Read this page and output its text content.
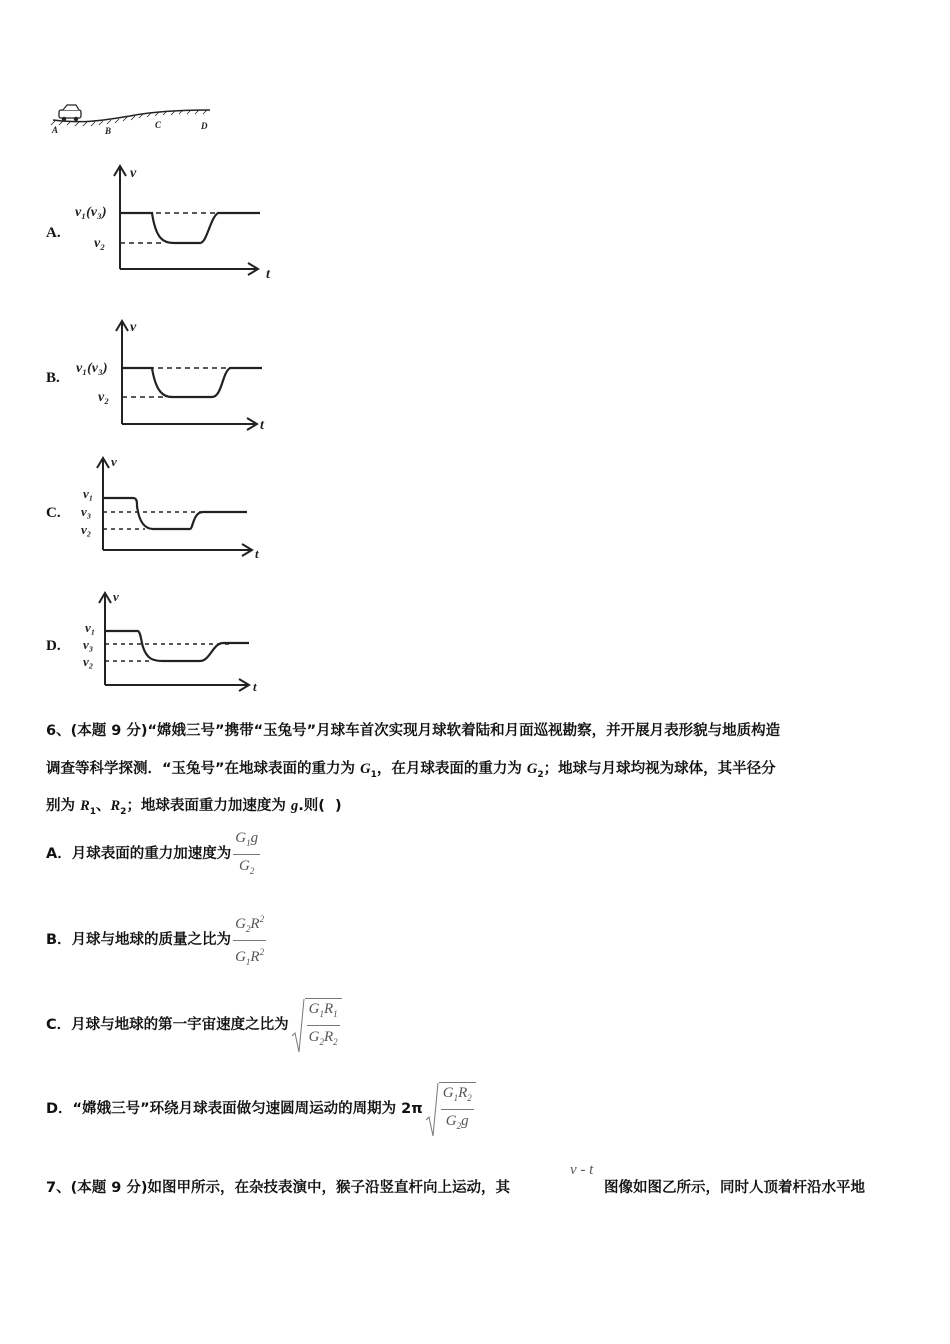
A	B
C	D
A.
v
v₁(v₃)
v₂
t
B.
v
v₁(v₃)
v₂
t
C.
v
v₁
v₃
v₂
t
D.
v
v₁
v₃
v₂
t
6、(本题 9 分)“嫦娥三号”携带“玉兔号”月球车首次实现月球软着陆和月面巡视勘察，并开展月表形貌与地质构造
调查等科学探测．“玉兔号”在地球表面的重力为 $G_1$，在月球表面的重力为 $G_2$；地球与月球均视为球体，其半径分
别为 $R_1$、$R_2$；地球表面重力加速度为 g.则(  )
A． 月球表面的重力加速度为 $\frac{G_1g}{G_2}$
B． 月球与地球的质量之比为 $\frac{G_2R^2}{G_1R^2}$
C． 月球与地球的第一宇宙速度之比为 $\frac{G_1R_1}{G_2R_2}$
D． “嫦娥三号”环绕月球表面做匀速圆周运动的周期为 $2\pi \frac{G_1R_2}{G_2g}$
7、(本题 9 分)如图甲所示，在杂技表演中，猴子沿竖直杆向上运动，其
v - t
图像如图乙所示，同时人顶着杆沿水平地
